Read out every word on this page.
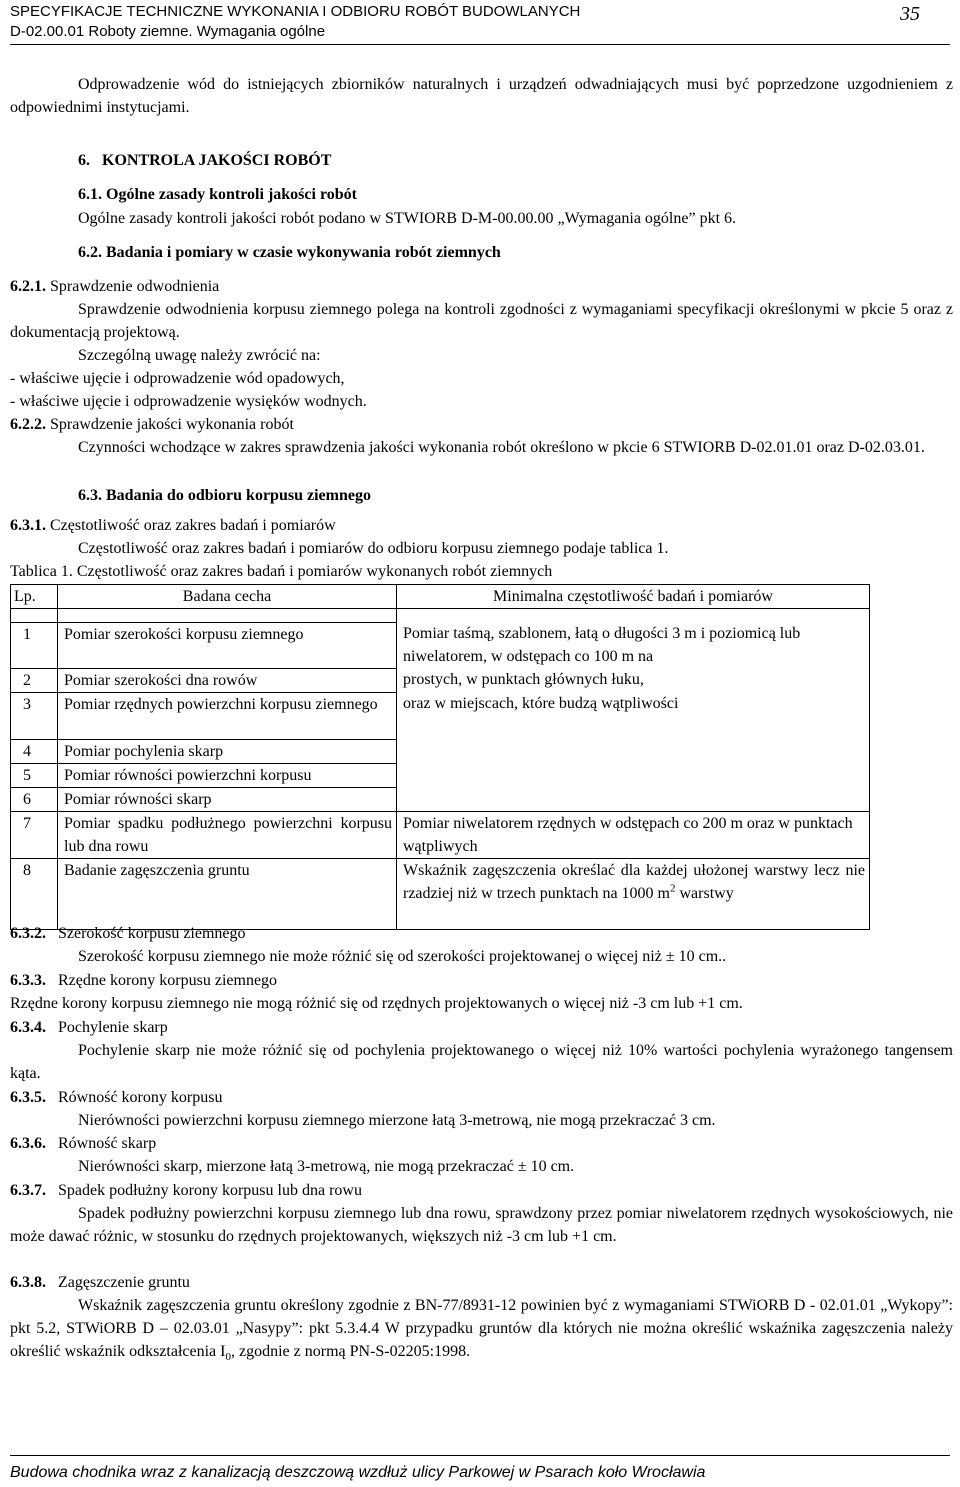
SPECYFIKACJE TECHNICZNE WYKONANIA I ODBIORU ROBÓT BUDOWLANYCH
D-02.00.01 Roboty ziemne. Wymagania ogólne
35
Odprowadzenie wód do istniejących zbiorników naturalnych i urządzeń odwadniających musi być poprzedzone uzgodnieniem z odpowiednimi instytucjami.
6. KONTROLA JAKOŚCI ROBÓT
6.1. Ogólne zasady kontroli jakości robót
Ogólne zasady kontroli jakości robót podano w STWIORB D-M-00.00.00 „Wymagania ogólne” pkt 6.
6.2. Badania i pomiary w czasie wykonywania robót ziemnych
6.2.1. Sprawdzenie odwodnienia
Sprawdzenie odwodnienia korpusu ziemnego polega na kontroli zgodności z wymaganiami specyfikacji określonymi w pkcie 5 oraz z dokumentacją projektową.
Szczególną uwagę należy zwrócić na:
- właściwe ujęcie i odprowadzenie wód opadowych,
- właściwe ujęcie i odprowadzenie wysięków wodnych.
6.2.2. Sprawdzenie jakości wykonania robót
Czynności wchodzące w zakres sprawdzenia jakości wykonania robót określono w pkcie 6 STWIORB D-02.01.01 oraz D-02.03.01.
6.3. Badania do odbioru korpusu ziemnego
6.3.1. Częstotliwość oraz zakres badań i pomiarów
Częstotliwość oraz zakres badań i pomiarów do odbioru korpusu ziemnego podaje tablica 1.
Tablica 1. Częstotliwość oraz zakres badań i pomiarów wykonanych robót ziemnych
Lp.	Badana cecha	Minimalna częstotliwość badań i pomiarów

		Pomiar taśmą, szablonem, łatą o długości 3 m i poziomicą lub niwelatorem, w odstępach co 100 m na
prostych, w punktach głównych łuku,
oraz w miejscach, które budzą wątpliwości

1	Pomiar szerokości korpusu ziemnego	
2	Pomiar szerokości dna rowów	
3	Pomiar rzędnych powierzchni korpusu ziemnego	
4	Pomiar pochylenia skarp	
5	Pomiar równości powierzchni korpusu	
6	Pomiar równości skarp	
7	Pomiar spadku podłużnego powierzchni korpusu lub dna rowu	Pomiar niwelatorem rzędnych w odstępach co 200 m oraz w punktach wątpliwych
8	Badanie zagęszczenia gruntu	Wskaźnik zagęszczenia określać dla każdej ułożonej warstwy lecz nie rzadziej niż w trzech punktach na 1000 $m^2$ warstwy
6.3.2. Szerokość korpusu ziemnego
Szerokość korpusu ziemnego nie może różnić się od szerokości projektowanej o więcej niż ± 10 cm..
6.3.3. Rzędne korony korpusu ziemnego
Rzędne korony korpusu ziemnego nie mogą różnić się od rzędnych projektowanych o więcej niż -3 cm lub +1 cm.
6.3.4. Pochylenie skarp
Pochylenie skarp nie może różnić się od pochylenia projektowanego o więcej niż 10% wartości pochylenia wyrażonego tangensem kąta.
6.3.5. Równość korony korpusu
Nierówności powierzchni korpusu ziemnego mierzone łatą 3-metrową, nie mogą przekraczać 3 cm.
6.3.6. Równość skarp
Nierówności skarp, mierzone łatą 3-metrową, nie mogą przekraczać ± 10 cm.
6.3.7. Spadek podłużny korony korpusu lub dna rowu
Spadek podłużny powierzchni korpusu ziemnego lub dna rowu, sprawdzony przez pomiar niwelatorem rzędnych wysokościowych, nie może dawać różnic, w stosunku do rzędnych projektowanych, większych niż -3 cm lub +1 cm.
6.3.8. Zagęszczenie gruntu
Wskaźnik zagęszczenia gruntu określony zgodnie z BN-77/8931-12 powinien być z wymaganiami STWiORB D - 02.01.01 „Wykopy”: pkt 5.2, STWiORB D – 02.03.01 „Nasypy”: pkt 5.3.4.4 W przypadku gruntów dla których nie można określić wskaźnika zagęszczenia należy określić wskaźnik odkształcenia $I_0$, zgodnie z normą PN-S-02205:1998.
Budowa chodnika wraz z kanalizacją deszczową wzdłuż ulicy Parkowej w Psarach koło Wrocławia
